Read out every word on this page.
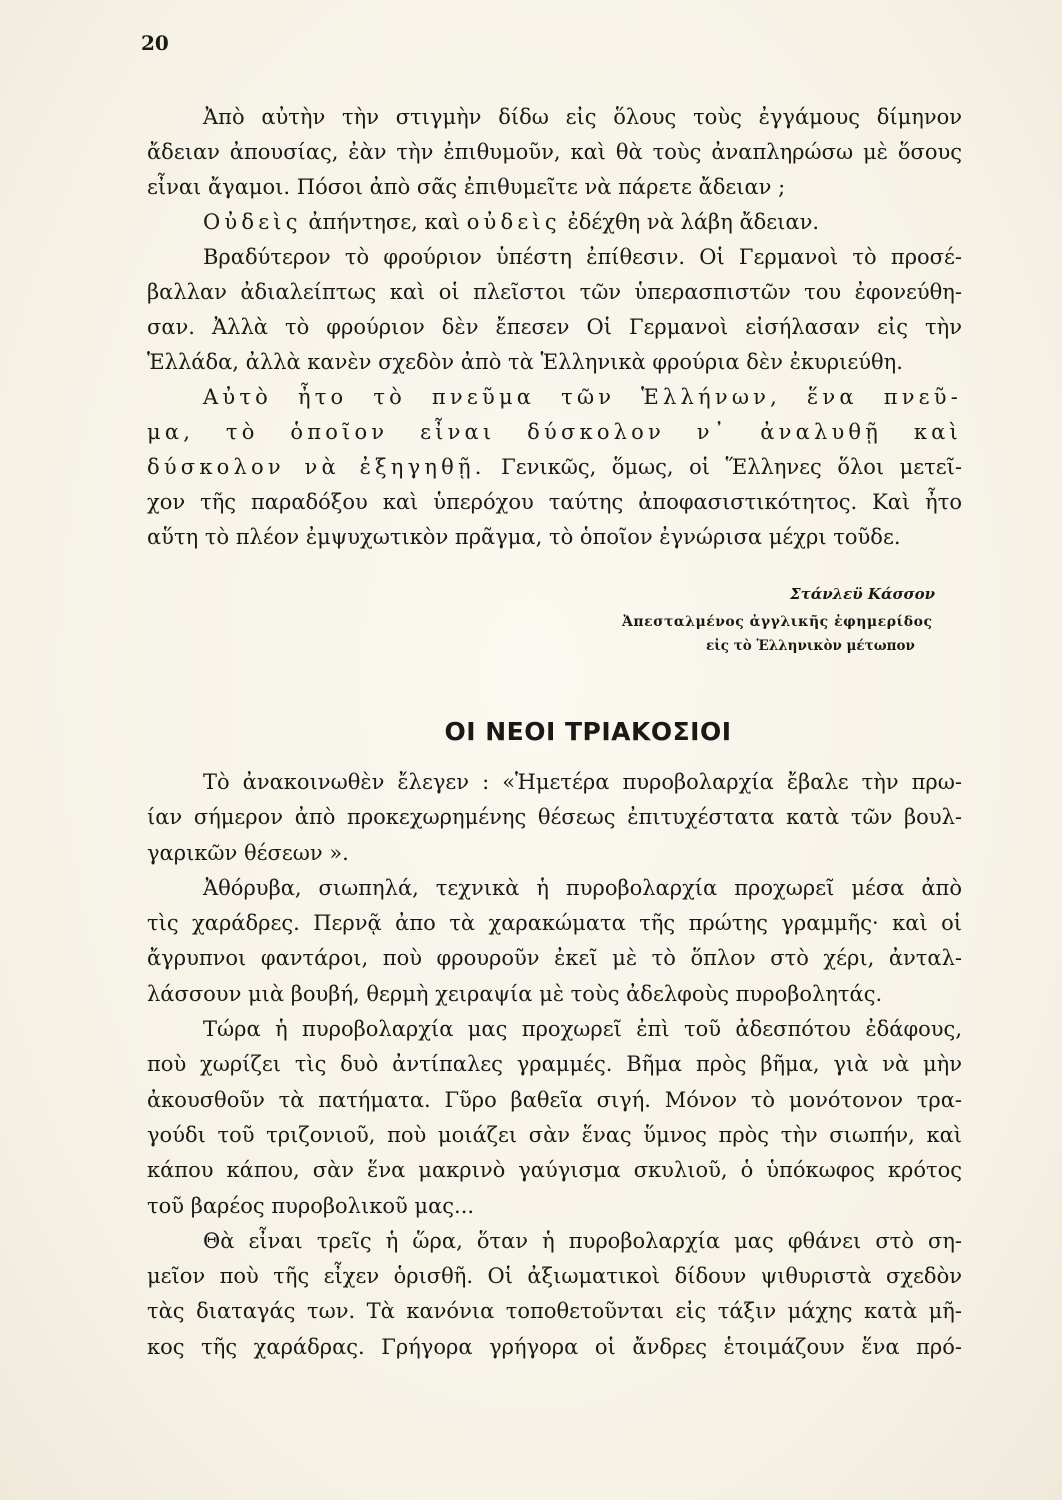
20
Ἀπὸ αὐτὴν τὴν στιγμὴν δίδω εἰς ὅλους τοὺς ἐγγάμους δίμηνον
ἄδειαν ἀπουσίας, ἐὰν τὴν ἐπιθυμοῦν, καὶ θὰ τοὺς ἀναπληρώσω μὲ ὅσους
εἶναι ἄγαμοι. Πόσοι ἀπὸ σᾶς ἐπιθυμεῖτε νὰ πάρετε ἄδειαν ;
Οὐδεὶς ἀπήντησε, καὶ οὐδεὶς ἐδέχθη νὰ λάβη ἄδειαν.
Βραδύτερον τὸ φρούριον ὑπέστη ἐπίθεσιν. Οἱ Γερμανοὶ τὸ προσέ-
βαλλαν ἀδιαλείπτως καὶ οἱ πλεῖστοι τῶν ὑπερασπιστῶν του ἐφονεύθη-
σαν. Ἀλλὰ τὸ φρούριον δὲν ἔπεσεν Οἱ Γερμανοὶ εἰσήλασαν εἰς τὴν
Ἑλλάδα, ἀλλὰ κανὲν σχεδὸν ἀπὸ τὰ Ἑλληνικὰ φρούρια δὲν ἐκυριεύθη.
Αὐτὸ ἦτο τὸ πνεῦμα τῶν Ἑλλήνων, ἕνα πνεῦ-
μα, τὸ ὁποῖον εἶναι δύσκολον ν᾿ ἀναλυθῇ καὶ
δύσκολον νὰ ἐξηγηθῇ. Γενικῶς, ὅμως, οἱ Ἕλληνες ὅλοι μετεῖ-
χον τῆς παραδόξου καὶ ὑπερόχου ταύτης ἀποφασιστικότητος. Καὶ ἦτο
αὕτη τὸ πλέον ἐμψυχωτικὸν πρᾶγμα, τὸ ὁποῖον ἐγνώρισα μέχρι τοῦδε.
Στάνλεϋ Κάσσον
Ἀπεσταλμένος ἀγγλικῆς ἐφημερίδος
εἰς τὸ Ἑλληνικὸν μέτωπον
ΟΙ ΝΕΟΙ ΤΡΙΑΚΟΣΙΟΙ
Τὸ ἀνακοινωθὲν ἔλεγεν : «Ἡμετέρα πυροβολαρχία ἔβαλε τὴν πρω-
ίαν σήμερον ἀπὸ προκεχωρημένης θέσεως ἐπιτυχέστατα κατὰ τῶν βουλ-
γαρικῶν θέσεων ».
Ἀθόρυβα, σιωπηλά, τεχνικὰ ἡ πυροβολαρχία προχωρεῖ μέσα ἀπὸ
τὶς χαράδρες. Περνᾷ ἀπο τὰ χαρακώματα τῆς πρώτης γραμμῆς· καὶ οἱ
ἄγρυπνοι φαντάροι, ποὺ φρουροῦν ἐκεῖ μὲ τὸ ὅπλον στὸ χέρι, ἀνταλ-
λάσσουν μιὰ βουβή, θερμὴ χειραψία μὲ τοὺς ἀδελφοὺς πυροβολητάς.
Τώρα ἡ πυροβολαρχία μας προχωρεῖ ἐπὶ τοῦ ἀδεσπότου ἐδάφους,
ποὺ χωρίζει τὶς δυὸ ἀντίπαλες γραμμές. Βῆμα πρὸς βῆμα, γιὰ νὰ μὴν
ἀκουσθοῦν τὰ πατήματα. Γῦρο βαθεῖα σιγή. Μόνον τὸ μονότονον τρα-
γούδι τοῦ τριζονιοῦ, ποὺ μοιάζει σὰν ἕνας ὕμνος πρὸς τὴν σιωπήν, καὶ
κάπου κάπου, σὰν ἕνα μακρινὸ γαύγισμα σκυλιοῦ, ὁ ὑπόκωφος κρότος
τοῦ βαρέος πυροβολικοῦ μας...
Θὰ εἶναι τρεῖς ἡ ὥρα, ὅταν ἡ πυροβολαρχία μας φθάνει στὸ ση-
μεῖον ποὺ τῆς εἶχεν ὁρισθῆ. Οἱ ἀξιωματικοὶ δίδουν ψιθυριστὰ σχεδὸν
τὰς διαταγάς των. Τὰ κανόνια τοποθετοῦνται εἰς τάξιν μάχης κατὰ μῆ-
κος τῆς χαράδρας. Γρήγορα γρήγορα οἱ ἄνδρες ἑτοιμάζουν ἕνα πρό-
